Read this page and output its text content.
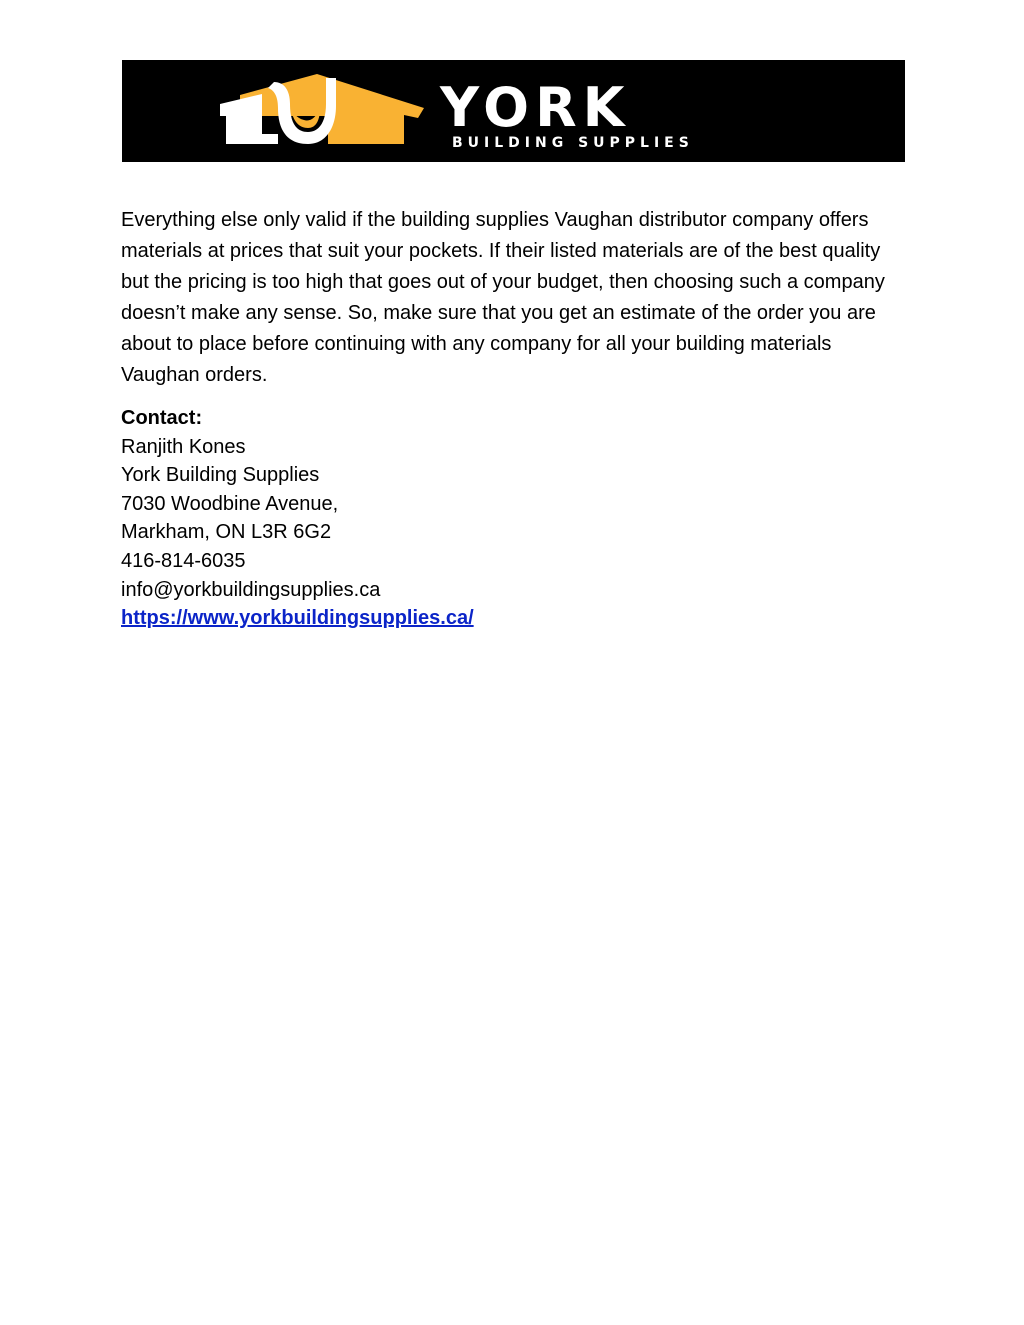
YORK
BUILDING SUPPLIES

Everything else only valid if the building supplies Vaughan distributor company offers materials at prices that suit your pockets. If their listed materials are of the best quality but the pricing is too high that goes out of your budget, then choosing such a company doesn’t make any sense. So, make sure that you get an estimate of the order you are about to place before continuing with any company for all your building materials Vaughan orders.

Contact:
Ranjith Kones
York Building Supplies
7030 Woodbine Avenue,
Markham, ON L3R 6G2
416-814-6035
info@yorkbuildingsupplies.ca
https://www.yorkbuildingsupplies.ca/
